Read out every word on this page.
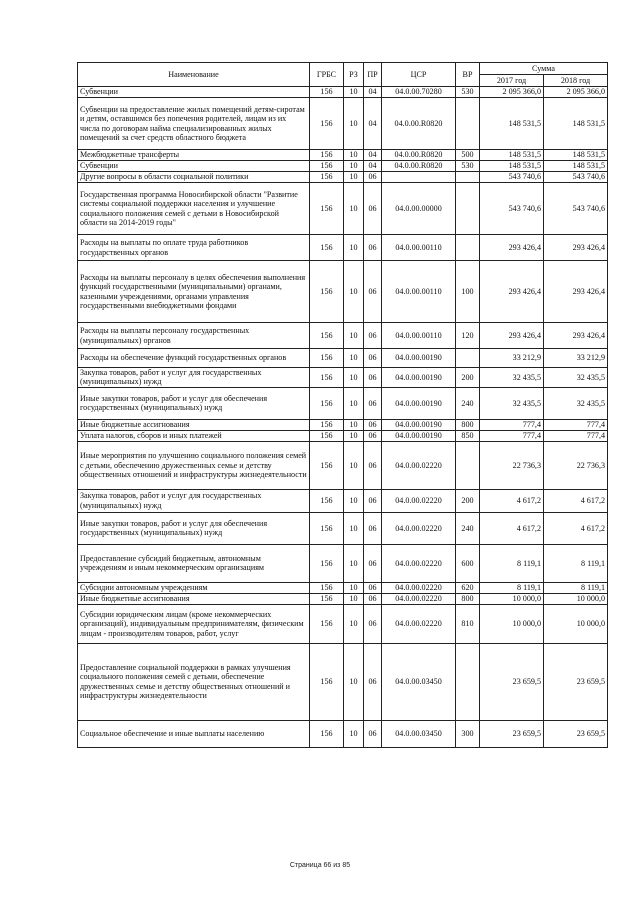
Наименование	ГРБС	РЗ	ПР	ЦСР	ВР	Сумма	
						2017 год	2018 год
Субвенции	156	10	04	04.0.00.70280	530	2 095 366,0	2 095 366,0
Субвенции на предоставление жилых помещений детям-сиротам и детям, оставшимся без попечения родителей, лицам из их числа по договорам найма специализированных жилых помещений за счет средств областного бюджета	156	10	04	04.0.00.R0820		148 531,5	148 531,5
Межбюджетные трансферты	156	10	04	04.0.00.R0820	500	148 531,5	148 531,5
Субвенции	156	10	04	04.0.00.R0820	530	148 531,5	148 531,5
Другие вопросы в области социальной политики	156	10	06			543 740,6	543 740,6
Государственная программа Новосибирской области "Развитие системы социальной поддержки населения и улучшение социального положения семей с детьми в Новосибирской области на 2014-2019 годы"	156	10	06	04.0.00.00000		543 740,6	543 740,6
Расходы на выплаты по оплате труда работников государственных органов	156	10	06	04.0.00.00110		293 426,4	293 426,4
Расходы на выплаты персоналу в целях обеспечения выполнения функций государственными (муниципальными) органами, казенными учреждениями, органами управления государственными внебюджетными фондами	156	10	06	04.0.00.00110	100	293 426,4	293 426,4
Расходы на выплаты персоналу государственных (муниципальных) органов	156	10	06	04.0.00.00110	120	293 426,4	293 426,4
Расходы на обеспечение функций государственных органов	156	10	06	04.0.00.00190		33 212,9	33 212,9
Закупка товаров, работ и услуг для государственных (муниципальных) нужд	156	10	06	04.0.00.00190	200	32 435,5	32 435,5
Иные закупки товаров, работ и услуг для обеспечения государственных (муниципальных) нужд	156	10	06	04.0.00.00190	240	32 435,5	32 435,5
Иные бюджетные ассигнования	156	10	06	04.0.00.00190	800	777,4	777,4
Уплата налогов, сборов и иных платежей	156	10	06	04.0.00.00190	850	777,4	777,4
Иные мероприятия по улучшению социального положения семей с детьми, обеспечению дружественных семье и детству общественных отношений и инфраструктуры жизнедеятельности	156	10	06	04.0.00.02220		22 736,3	22 736,3
Закупка товаров, работ и услуг для государственных (муниципальных) нужд	156	10	06	04.0.00.02220	200	4 617,2	4 617,2
Иные закупки товаров, работ и услуг для обеспечения государственных (муниципальных) нужд	156	10	06	04.0.00.02220	240	4 617,2	4 617,2
Предоставление субсидий бюджетным, автономным учреждениям и иным некоммерческим организациям	156	10	06	04.0.00.02220	600	8 119,1	8 119,1
Субсидии автономным учреждениям	156	10	06	04.0.00.02220	620	8 119,1	8 119,1
Иные бюджетные ассигнования	156	10	06	04.0.00.02220	800	10 000,0	10 000,0
Субсидии юридическим лицам (кроме некоммерческих организаций), индивидуальным предпринимателям, физическим лицам - производителям товаров, работ, услуг	156	10	06	04.0.00.02220	810	10 000,0	10 000,0
Предоставление социальной поддержки в рамках улучшения социального положения семей с детьми, обеспечение дружественных семье и детству общественных отношений и инфраструктуры жизнедеятельности	156	10	06	04.0.00.03450		23 659,5	23 659,5
Социальное обеспечение и иные выплаты населению	156	10	06	04.0.00.03450	300	23 659,5	23 659,5
Страница 66 из 85
